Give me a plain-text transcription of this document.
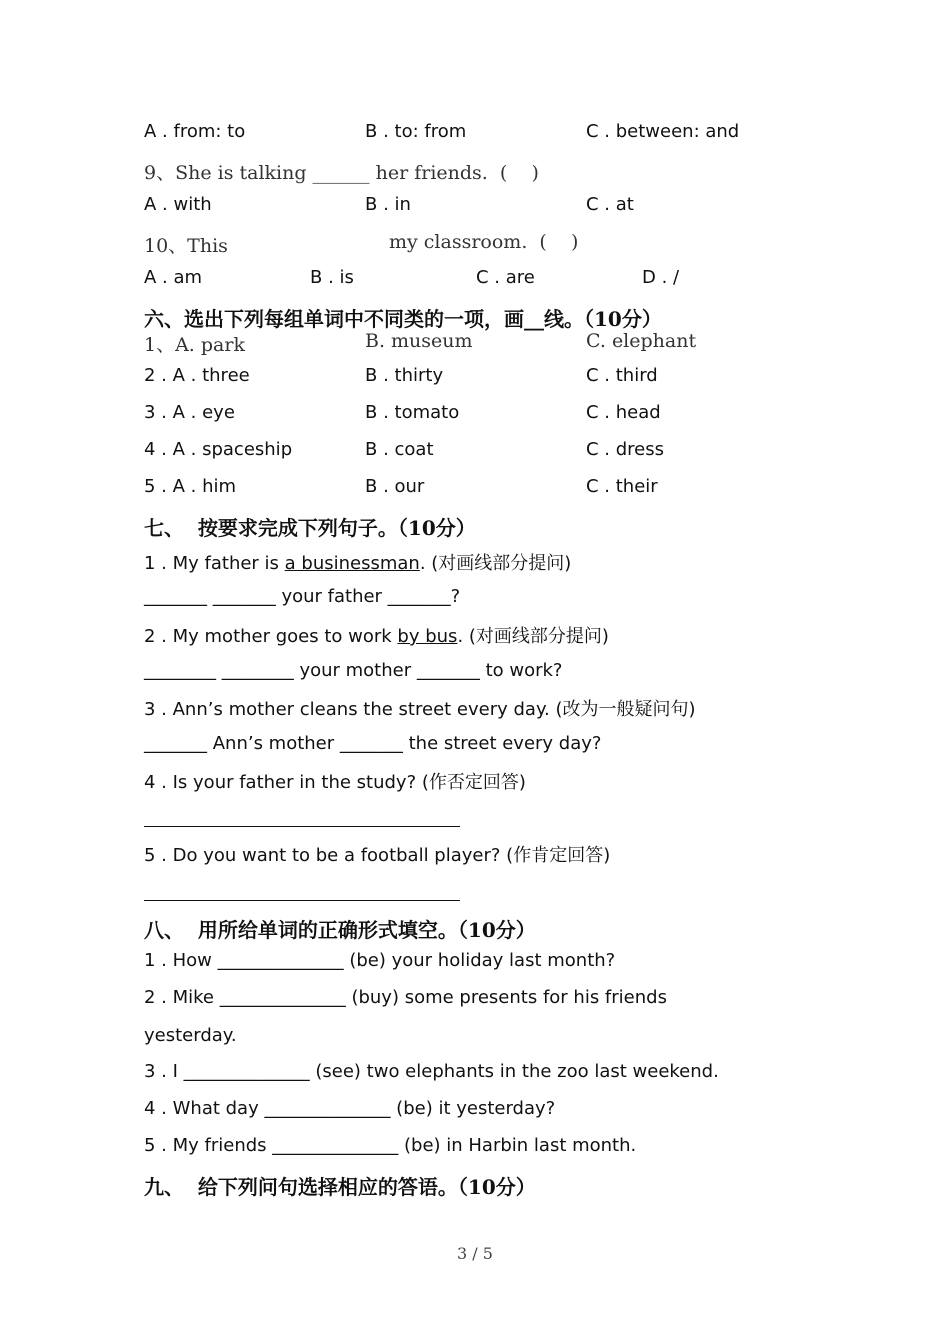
A . from: to	B . to: from	C . between: and
9、She is talking ______ her friends.  (    )
A . with	B . in	C . at
10、This	my classroom.  (    )
A . am	B . is	C . are	D . /
六、选出下列每组单词中不同类的一项，画__线。（10分）
1、A. park	B. museum	C. elephant
2 . A . three	B . thirty	C . third
3 . A . eye	B . tomato	C . head
4 . A . spaceship	B . coat	C . dress
5 . A . him	B . our	C . their
七、  按要求完成下列句子。（10分）
1 . My father is a businessman. (对画线部分提问)
_______ _______ your father _______?
2 . My mother goes to work by bus. (对画线部分提问)
________ ________ your mother _______ to work?
3 . Ann’s mother cleans the street every day. (改为一般疑问句)
_______ Ann’s mother _______ the street every day?
4 . Is your father in the study? (作否定回答)
5 . Do you want to be a football player? (作肯定回答)
八、  用所给单词的正确形式填空。（10分）
1 . How ______________ (be) your holiday last month?
2 . Mike ______________ (buy) some presents for his friends
yesterday.
3 . I ______________ (see) two elephants in the zoo last weekend.
4 . What day ______________ (be) it yesterday?
5 . My friends ______________ (be) in Harbin last month.
九、  给下列问句选择相应的答语。（10分）
3 / 5
